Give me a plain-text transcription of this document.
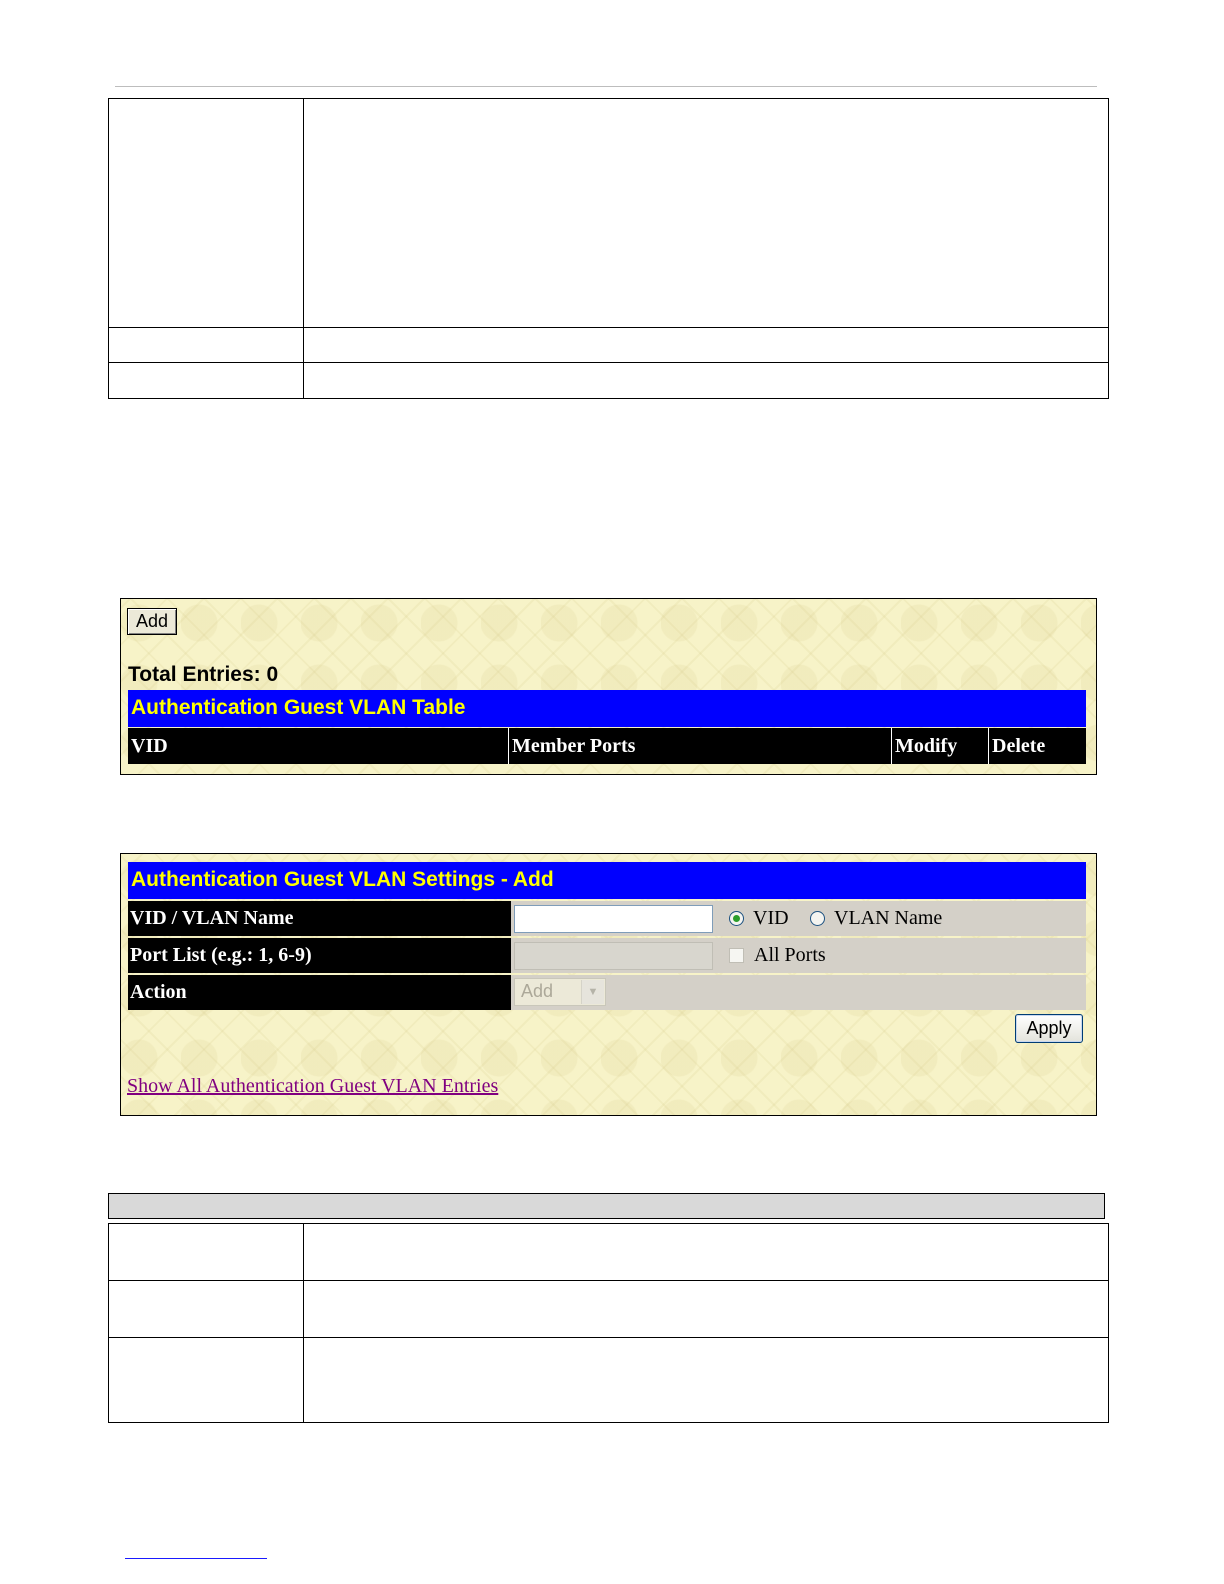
Add
Total Entries: 0
Authentication Guest VLAN Table
VID	Member Ports	Modify	Delete
Authentication Guest VLAN Settings - Add
VID / VLAN Name	VID VLAN Name
Port List (e.g.: 1, 6-9)	All Ports
Action	Add	▼
Apply
Show All Authentication Guest VLAN Entries
